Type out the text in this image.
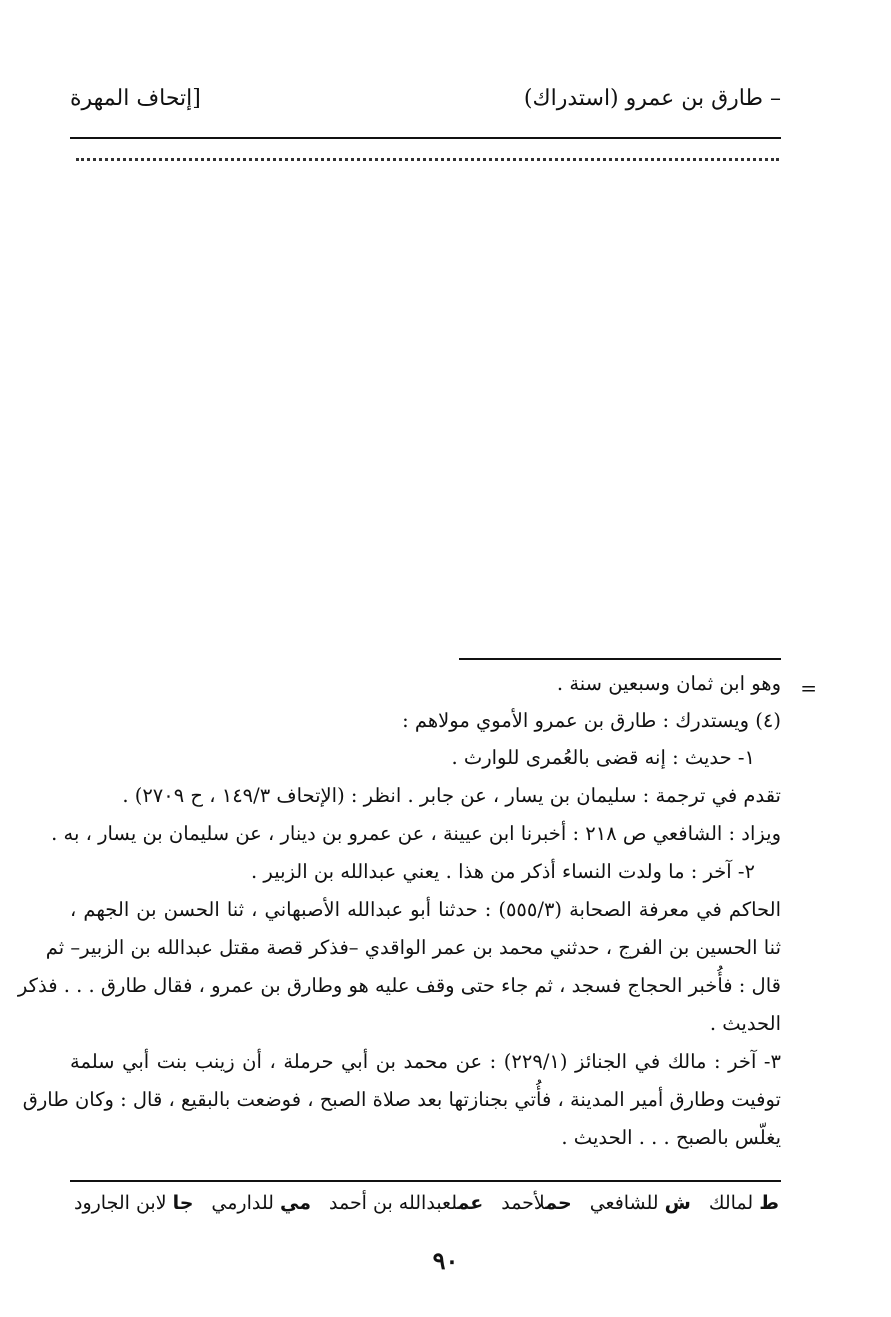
– طارق بن عمرو (استدراك)
[إتحاف المهرة
=
وهو ابن ثمان وسبعين سنة .
(٤) ويستدرك : طارق بن عمرو الأموي مولاهم :
١- حديث : إنه قضى بالعُمرى للوارث .
تقدم في ترجمة : سليمان بن يسار ، عن جابر . انظر : (الإتحاف ١٤٩/٣ ، ح ٢٧٠٩) .
ويزاد : الشافعي ص ٢١٨ : أخبرنا ابن عيينة ، عن عمرو بن دينار ، عن سليمان بن يسار ، به .
٢- آخر : ما ولدت النساء أذكر من هذا . يعني عبدالله بن الزبير .
الحاكم في معرفة الصحابة (٥٥٥/٣) : حدثنا أبو عبدالله الأصبهاني ، ثنا الحسن بن الجهم ،
ثنا الحسين بن الفرج ، حدثني محمد بن عمر الواقدي –فذكر قصة مقتل عبدالله بن الزبير– ثم
قال : فأُخبر الحجاج فسجد ، ثم جاء حتى وقف عليه هو وطارق بن عمرو ، فقال طارق . . . فذكر
الحديث .
٣- آخر : مالك في الجنائز (٢٢٩/١) : عن محمد بن أبي حرملة ، أن زينب بنت أبي سلمة
توفيت وطارق أمير المدينة ، فأُتي بجنازتها بعد صلاة الصبح ، فوضعت بالبقيع ، قال : وكان طارق
يغلّس بالصبح . . . الحديث .
ط لمالك
ش للشافعي
حملأحمد
عملعبدالله بن أحمد
مي للدارمي
جا لابن الجارود
٩٠
